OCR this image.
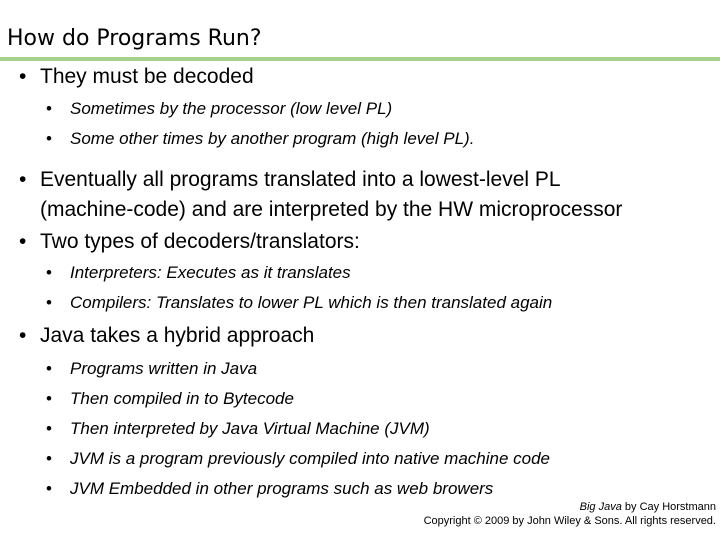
How do Programs Run?
• They must be decoded
•	Sometimes by the processor (low level PL)
•	Some other times by another program (high level PL).
• Eventually all programs translated into a lowest-level PL
(machine-code) and are interpreted by the HW microprocessor
• Two types of decoders/translators:
•	Interpreters: Executes as it translates
•	Compilers: Translates to lower PL which is then translated again
• Java takes a hybrid approach
•	Programs written in Java
•	Then compiled in to Bytecode
•	Then interpreted by Java Virtual Machine (JVM)
•	JVM is a program previously compiled into native machine code
•	JVM Embedded in other programs such as web browers
Big Java by Cay Horstmann
Copyright © 2009 by John Wiley & Sons. All rights reserved.
